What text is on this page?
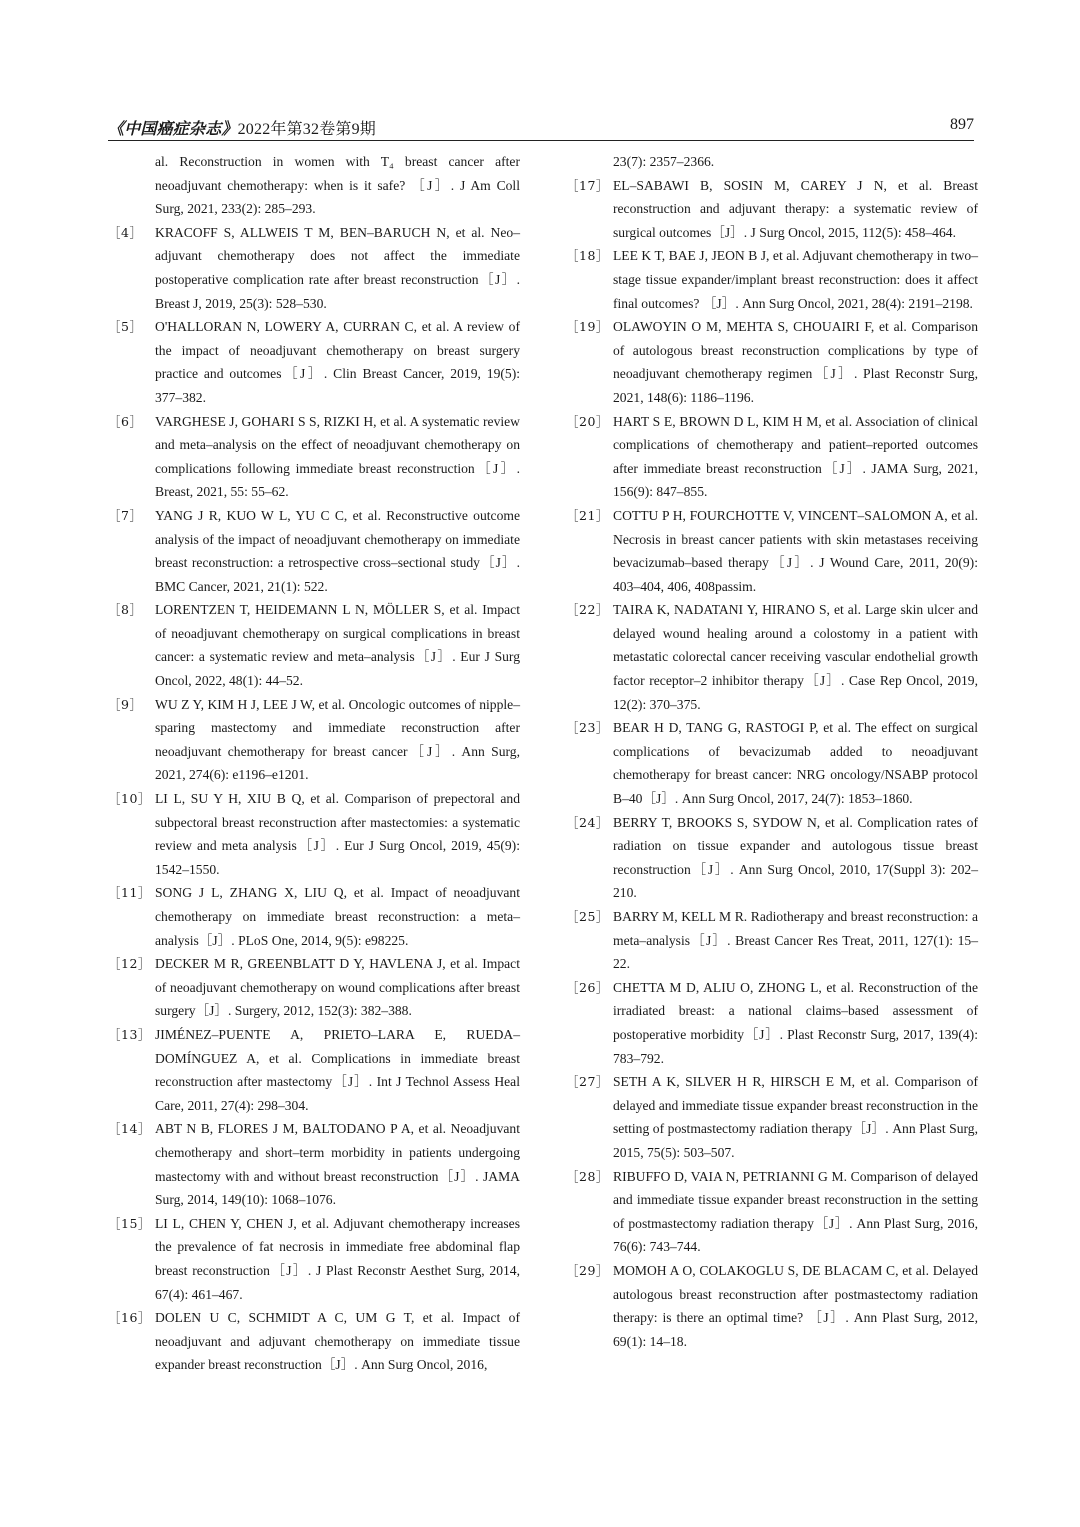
《中国癌症杂志》2022年第32卷第9期	897
al. Reconstruction in women with T₄ breast cancer after neoadjuvant chemotherapy: when is it safe? ［J］. J Am Coll Surg, 2021, 233(2): 285–293.
［4］ KRACOFF S, ALLWEIS T M, BEN–BARUCH N, et al. Neo–adjuvant chemotherapy does not affect the immediate postoperative complication rate after breast reconstruction［J］. Breast J, 2019, 25(3): 528–530.
［5］ O'HALLORAN N, LOWERY A, CURRAN C, et al. A review of the impact of neoadjuvant chemotherapy on breast surgery practice and outcomes［J］. Clin Breast Cancer, 2019, 19(5): 377–382.
［6］ VARGHESE J, GOHARI S S, RIZKI H, et al. A systematic review and meta–analysis on the effect of neoadjuvant chemotherapy on complications following immediate breast reconstruction［J］. Breast, 2021, 55: 55–62.
［7］ YANG J R, KUO W L, YU C C, et al. Reconstructive outcome analysis of the impact of neoadjuvant chemotherapy on immediate breast reconstruction: a retrospective cross–sectional study［J］. BMC Cancer, 2021, 21(1): 522.
［8］ LORENTZEN T, HEIDEMANN L N, MÖLLER S, et al. Impact of neoadjuvant chemotherapy on surgical complications in breast cancer: a systematic review and meta–analysis［J］. Eur J Surg Oncol, 2022, 48(1): 44–52.
［9］ WU Z Y, KIM H J, LEE J W, et al. Oncologic outcomes of nipple–sparing mastectomy and immediate reconstruction after neoadjuvant chemotherapy for breast cancer［J］. Ann Surg, 2021, 274(6): e1196–e1201.
［10］ LI L, SU Y H, XIU B Q, et al. Comparison of prepectoral and subpectoral breast reconstruction after mastectomies: a systematic review and meta analysis［J］. Eur J Surg Oncol, 2019, 45(9): 1542–1550.
［11］ SONG J L, ZHANG X, LIU Q, et al. Impact of neoadjuvant chemotherapy on immediate breast reconstruction: a meta–analysis［J］. PLoS One, 2014, 9(5): e98225.
［12］ DECKER M R, GREENBLATT D Y, HAVLENA J, et al. Impact of neoadjuvant chemotherapy on wound complications after breast surgery［J］. Surgery, 2012, 152(3): 382–388.
［13］ JIMÉNEZ–PUENTE A, PRIETO–LARA E, RUEDA–DOMÍNGUEZ A, et al. Complications in immediate breast reconstruction after mastectomy［J］. Int J Technol Assess Heal Care, 2011, 27(4): 298–304.
［14］ ABT N B, FLORES J M, BALTODANO P A, et al. Neoadjuvant chemotherapy and short–term morbidity in patients undergoing mastectomy with and without breast reconstruction［J］. JAMA Surg, 2014, 149(10): 1068–1076.
［15］ LI L, CHEN Y, CHEN J, et al. Adjuvant chemotherapy increases the prevalence of fat necrosis in immediate free abdominal flap breast reconstruction［J］. J Plast Reconstr Aesthet Surg, 2014, 67(4): 461–467.
［16］ DOLEN U C, SCHMIDT A C, UM G T, et al. Impact of neoadjuvant and adjuvant chemotherapy on immediate tissue expander breast reconstruction［J］. Ann Surg Oncol, 2016,
23(7): 2357–2366.
［17］ EL–SABAWI B, SOSIN M, CAREY J N, et al. Breast reconstruction and adjuvant therapy: a systematic review of surgical outcomes［J］. J Surg Oncol, 2015, 112(5): 458–464.
［18］ LEE K T, BAE J, JEON B J, et al. Adjuvant chemotherapy in two–stage tissue expander/implant breast reconstruction: does it affect final outcomes? ［J］. Ann Surg Oncol, 2021, 28(4): 2191–2198.
［19］ OLAWOYIN O M, MEHTA S, CHOUAIRI F, et al. Comparison of autologous breast reconstruction complications by type of neoadjuvant chemotherapy regimen［J］. Plast Reconstr Surg, 2021, 148(6): 1186–1196.
［20］ HART S E, BROWN D L, KIM H M, et al. Association of clinical complications of chemotherapy and patient–reported outcomes after immediate breast reconstruction［J］. JAMA Surg, 2021, 156(9): 847–855.
［21］ COTTU P H, FOURCHOTTE V, VINCENT–SALOMON A, et al. Necrosis in breast cancer patients with skin metastases receiving bevacizumab–based therapy［J］. J Wound Care, 2011, 20(9): 403–404, 406, 408passim.
［22］ TAIRA K, NADATANI Y, HIRANO S, et al. Large skin ulcer and delayed wound healing around a colostomy in a patient with metastatic colorectal cancer receiving vascular endothelial growth factor receptor–2 inhibitor therapy［J］. Case Rep Oncol, 2019, 12(2): 370–375.
［23］ BEAR H D, TANG G, RASTOGI P, et al. The effect on surgical complications of bevacizumab added to neoadjuvant chemotherapy for breast cancer: NRG oncology/NSABP protocol B–40［J］. Ann Surg Oncol, 2017, 24(7): 1853–1860.
［24］ BERRY T, BROOKS S, SYDOW N, et al. Complication rates of radiation on tissue expander and autologous tissue breast reconstruction［J］. Ann Surg Oncol, 2010, 17(Suppl 3): 202–210.
［25］ BARRY M, KELL M R. Radiotherapy and breast reconstruction: a meta–analysis［J］. Breast Cancer Res Treat, 2011, 127(1): 15–22.
［26］ CHETTA M D, ALIU O, ZHONG L, et al. Reconstruction of the irradiated breast: a national claims–based assessment of postoperative morbidity［J］. Plast Reconstr Surg, 2017, 139(4): 783–792.
［27］ SETH A K, SILVER H R, HIRSCH E M, et al. Comparison of delayed and immediate tissue expander breast reconstruction in the setting of postmastectomy radiation therapy［J］. Ann Plast Surg, 2015, 75(5): 503–507.
［28］ RIBUFFO D, VAIA N, PETRIANNI G M. Comparison of delayed and immediate tissue expander breast reconstruction in the setting of postmastectomy radiation therapy［J］. Ann Plast Surg, 2016, 76(6): 743–744.
［29］ MOMOH A O, COLAKOGLU S, DE BLACAM C, et al. Delayed autologous breast reconstruction after postmastectomy radiation therapy: is there an optimal time? ［J］. Ann Plast Surg, 2012, 69(1): 14–18.
